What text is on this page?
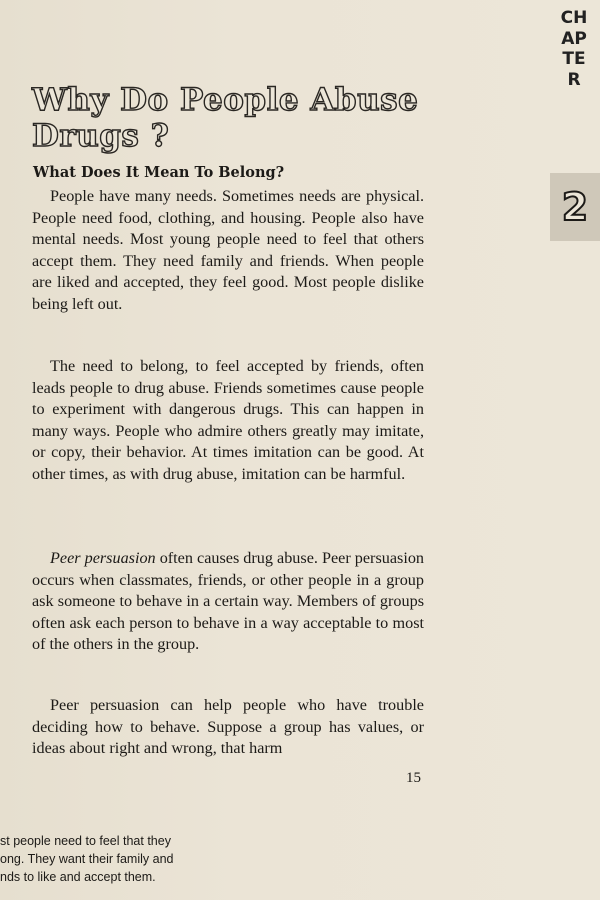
CHAPTER
2
Why Do People Abuse Drugs ?
What Does It Mean To Belong?

People have many needs. Sometimes needs are physical. People need food, clothing, and housing. People also have mental needs. Most young people need to feel that others accept them. They need family and friends. When people are liked and accepted, they feel good. Most people dislike being left out.

The need to belong, to feel accepted by friends, often leads people to drug abuse. Friends sometimes cause people to experiment with dangerous drugs. This can happen in many ways. People who admire others greatly may imitate, or copy, their behavior. At times imitation can be good. At other times, as with drug abuse, imitation can be harmful.

Peer persuasion often causes drug abuse. Peer persuasion occurs when classmates, friends, or other people in a group ask someone to behave in a certain way. Members of groups often ask each person to behave in a way acceptable to most of the others in the group.

Peer persuasion can help people who have trouble deciding how to behave. Suppose a group has values, or ideas about right and wrong, that harm

15
st people need to feel that they
ong. They want their family and
nds to like and accept them.
